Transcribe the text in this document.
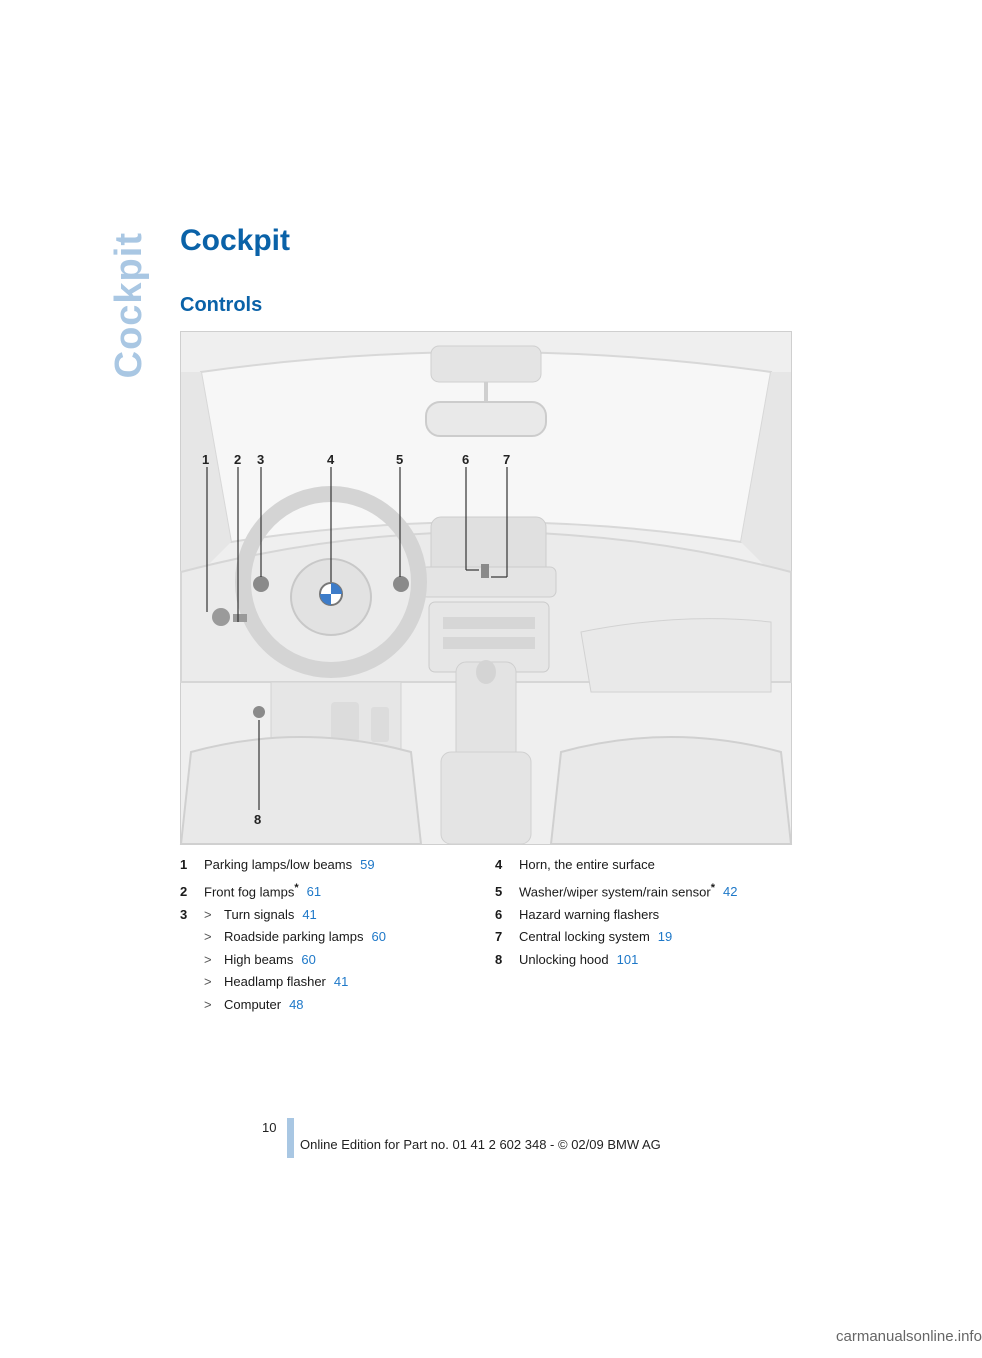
Cockpit Cockpit
Controls
1 2 3	4	5	6	7
8
1 Parking lamps/low beams 59
2 Front fog lamps* 61
3 > Turn signals 41
> Roadside parking lamps 60
> High beams 60
> Headlamp flasher 41
> Computer 48
4 Horn, the entire surface
5 Washer/wiper system/rain sensor* 42
6 Hazard warning flashers
7 Central locking system 19
8 Unlocking hood 101
10
Online Edition for Part no. 01 41 2 602 348 - © 02/09 BMW AG
carmanualsonline.info
